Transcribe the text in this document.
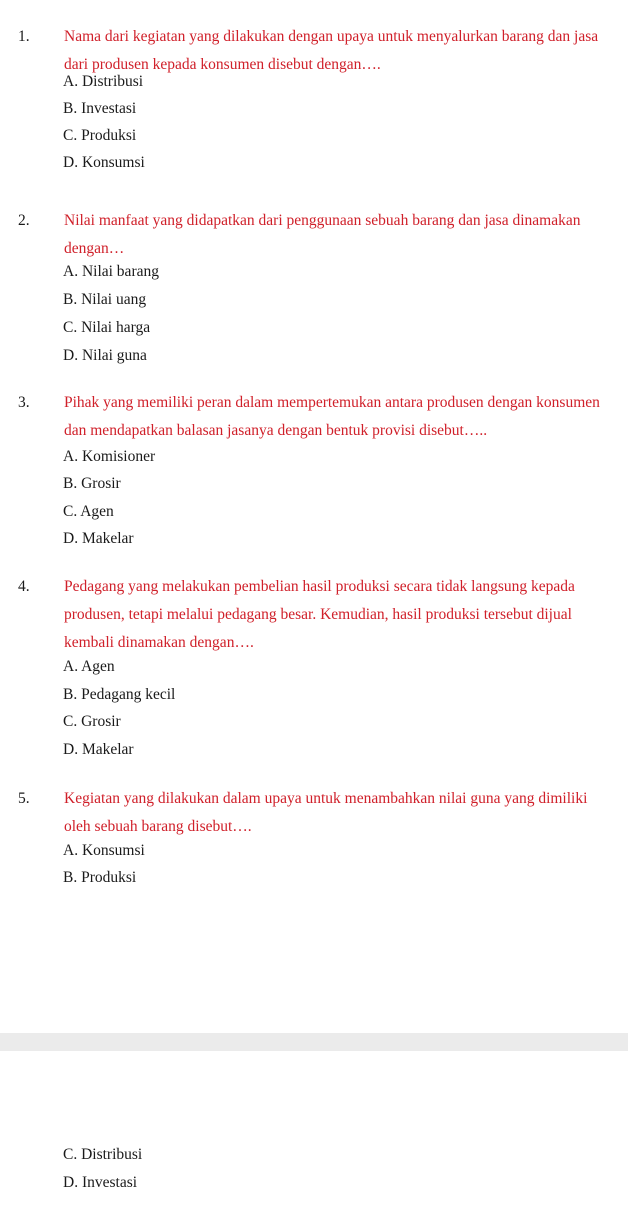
1. Nama dari kegiatan yang dilakukan dengan upaya untuk menyalurkan barang dan jasa
dari produsen kepada konsumen disebut dengan….
A. Distribusi
B. Investasi
C. Produksi
D. Konsumsi
2. Nilai manfaat yang didapatkan dari penggunaan sebuah barang dan jasa dinamakan
dengan…
A. Nilai barang
B. Nilai uang
C. Nilai harga
D. Nilai guna
3. Pihak yang memiliki peran dalam mempertemukan antara produsen dengan konsumen
dan mendapatkan balasan jasanya dengan bentuk provisi disebut…..
A. Komisioner
B. Grosir
C. Agen
D. Makelar
4. Pedagang yang melakukan pembelian hasil produksi secara tidak langsung kepada
produsen, tetapi melalui pedagang besar. Kemudian, hasil produksi tersebut dijual
kembali dinamakan dengan….
A. Agen
B. Pedagang kecil
C. Grosir
D. Makelar
5. Kegiatan yang dilakukan dalam upaya untuk menambahkan nilai guna yang dimiliki
oleh sebuah barang disebut….
A. Konsumsi
B. Produksi
C. Distribusi
D. Investasi
